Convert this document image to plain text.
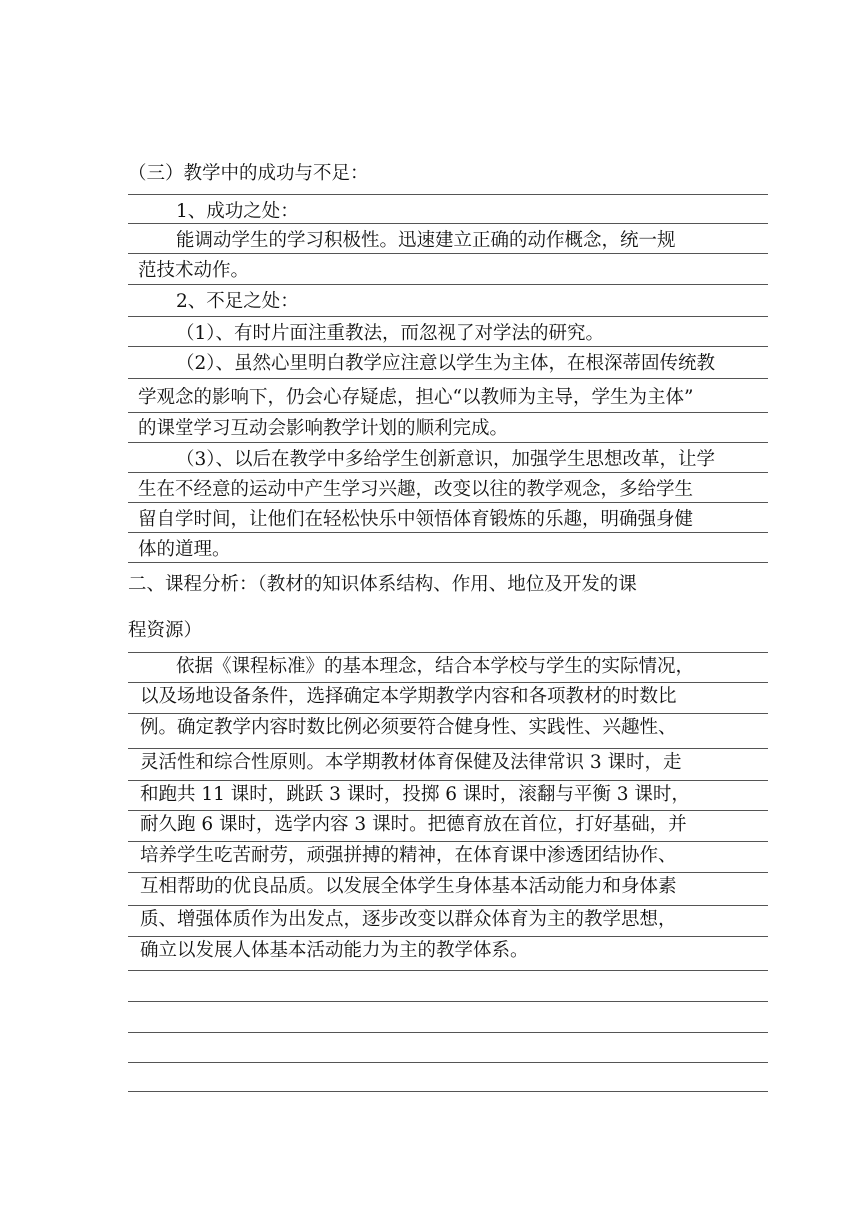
（三）教学中的成功与不足：
1、成功之处：
能调动学生的学习积极性。迅速建立正确的动作概念，统一规
范技术动作。
2、不足之处：
（1）、有时片面注重教法，而忽视了对学法的研究。
（2）、虽然心里明白教学应注意以学生为主体，在根深蒂固传统教
学观念的影响下，仍会心存疑虑，担心“以教师为主导，学生为主体”
的课堂学习互动会影响教学计划的顺利完成。
（3）、以后在教学中多给学生创新意识，加强学生思想改革，让学
生在不经意的运动中产生学习兴趣，改变以往的教学观念，多给学生
留自学时间，让他们在轻松快乐中领悟体育锻炼的乐趣，明确强身健
体的道理。
二、课程分析：（教材的知识体系结构、作用、地位及开发的课
程资源）
依据《课程标准》的基本理念，结合本学校与学生的实际情况，
以及场地设备条件，选择确定本学期教学内容和各项教材的时数比
例。确定教学内容时数比例必须要符合健身性、实践性、兴趣性、
灵活性和综合性原则。本学期教材体育保健及法律常识 3 课时，走
和跑共 11 课时，跳跃 3 课时，投掷 6 课时，滚翻与平衡 3 课时，
耐久跑 6 课时，选学内容 3 课时。把德育放在首位，打好基础，并
培养学生吃苦耐劳，顽强拼搏的精神，在体育课中渗透团结协作、
互相帮助的优良品质。以发展全体学生身体基本活动能力和身体素
质、增强体质作为出发点，逐步改变以群众体育为主的教学思想，
确立以发展人体基本活动能力为主的教学体系。
